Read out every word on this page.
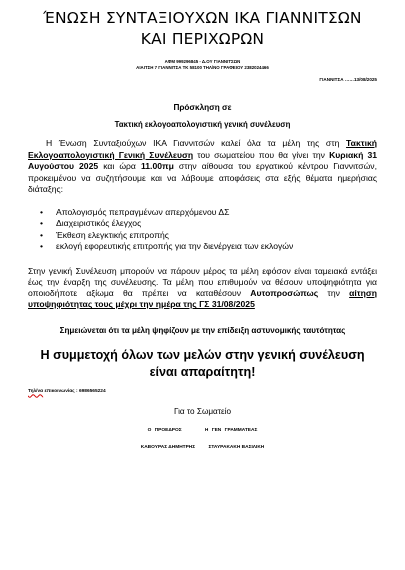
ΈΝΩΣΗ ΣΥΝΤΑΞΙΟΥΧΩΝ ΙΚΑ ΓΙΑΝΝΙΤΣΩΝ
ΚΑΙ ΠΕΡΙΧΩΡΩΝ
ΑΦΜ 999296845 - Δ.ΟΥ ΓΙΑΝΝΙΤΣΩΝ
ΑΙΑΙΤΣΗ 7 ΓΙΑΝΝΙΤΣΑ ΤΚ 58100 ΤΗΛ/ΝΟ ΓΡΑΦΕΙΟΥ 2382024466
ΓΙΑΝΝΙΤΣΑ ……13/08/2025
Πρόσκληση σε
Τακτική εκλογοαπολογιστική γενική συνέλευση

Η Ένωση Συνταξιούχων ΙΚΑ Γιαννιτσών καλεί όλα τα μέλη της στη Τακτική Εκλογοαπολογιστική Γενική Συνέλευση του σωματείου που θα γίνει την Κυριακή 31 Αυγούστου 2025 και ώρα 11.00πμ στην αίθουσα του εργατικού κέντρου Γιαννιτσών, προκειμένου να συζητήσουμε και να λάβουμε αποφάσεις στα εξής θέματα ημερήσιας διάταξης:

• Απολογισμός πεπραγμένων απερχόμενου ΔΣ
• Διαχειριστικός έλεγχος
• Έκθεση ελεγκτικής επιτροπής
• εκλογή εφορευτικής επιτροπής για την διενέργεια των εκλογών

Στην γενική Συνέλευση μπορούν να πάρουν μέρος τα μέλη εφόσον είναι ταμειακά εντάξει έως την έναρξη της συνέλευσης. Τα μέλη που επιθυμούν να θέσουν υποψηφιότητα για οποιοδήποτε αξίωμα θα πρέπει να καταθέσουν Αυτοπροσώπως την αίτηση υποψηφιότητας τους μέχρι την ημέρα της ΓΣ 31/08/2025

Σημειώνεται ότι τα μέλη ψηφίζουν με την επίδειξη αστυνομικής ταυτότητας
Η συμμετοχή όλων των μελών στην γενική συνέλευση είναι απαραίτητη!
Τηλ/να επικοινωνίας : 6986565224
Για το Σωματείο
Ο ΠΡΟΕΔΡΟΣ	Η ΓΕΝ ΓΡΑΜΜΑΤΕΑΣ
ΚΑΒΟΥΡΑΣ ΔΗΜΗΤΡΗΣ	ΣΤΑΥΡΑΚΑΚΗ ΒΑΣΙΛΙΚΗ
